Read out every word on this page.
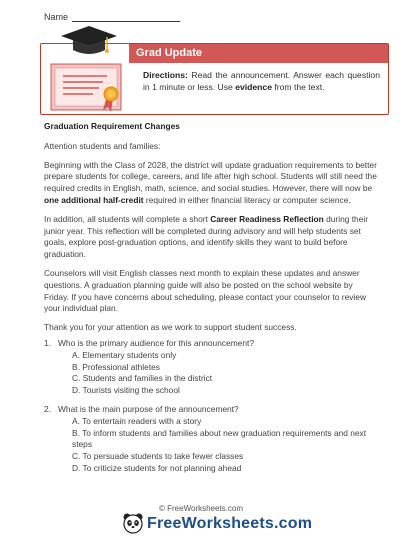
Name
Grad Update
Directions: Read the announcement. Answer each question in 1 minute or less. Use evidence from the text.

Graduation Requirement Changes

Attention students and families:

Beginning with the Class of 2028, the district will update graduation requirements to better prepare students for college, careers, and life after high school. Students will still need the required credits in English, math, science, and social studies. However, there will now be one additional half-credit required in either financial literacy or computer science.

In addition, all students will complete a short Career Readiness Reflection during their junior year. This reflection will be completed during advisory and will help students set goals, explore post-graduation options, and identify skills they want to build before graduation.

Counselors will visit English classes next month to explain these updates and answer questions. A graduation planning guide will also be posted on the school website by Friday. If you have concerns about scheduling, please contact your counselor to review your individual plan.

Thank you for your attention as we work to support student success.

1. Who is the primary audience for this announcement?
A. Elementary students only
B. Professional athletes
C. Students and families in the district
D. Tourists visiting the school
2. What is the main purpose of the announcement?
A. To entertain readers with a story
B. To inform students and families about new graduation requirements and next steps
C. To persuade students to take fewer classes
D. To criticize students for not planning ahead
© FreeWorksheets.com
FreeWorksheets.com
